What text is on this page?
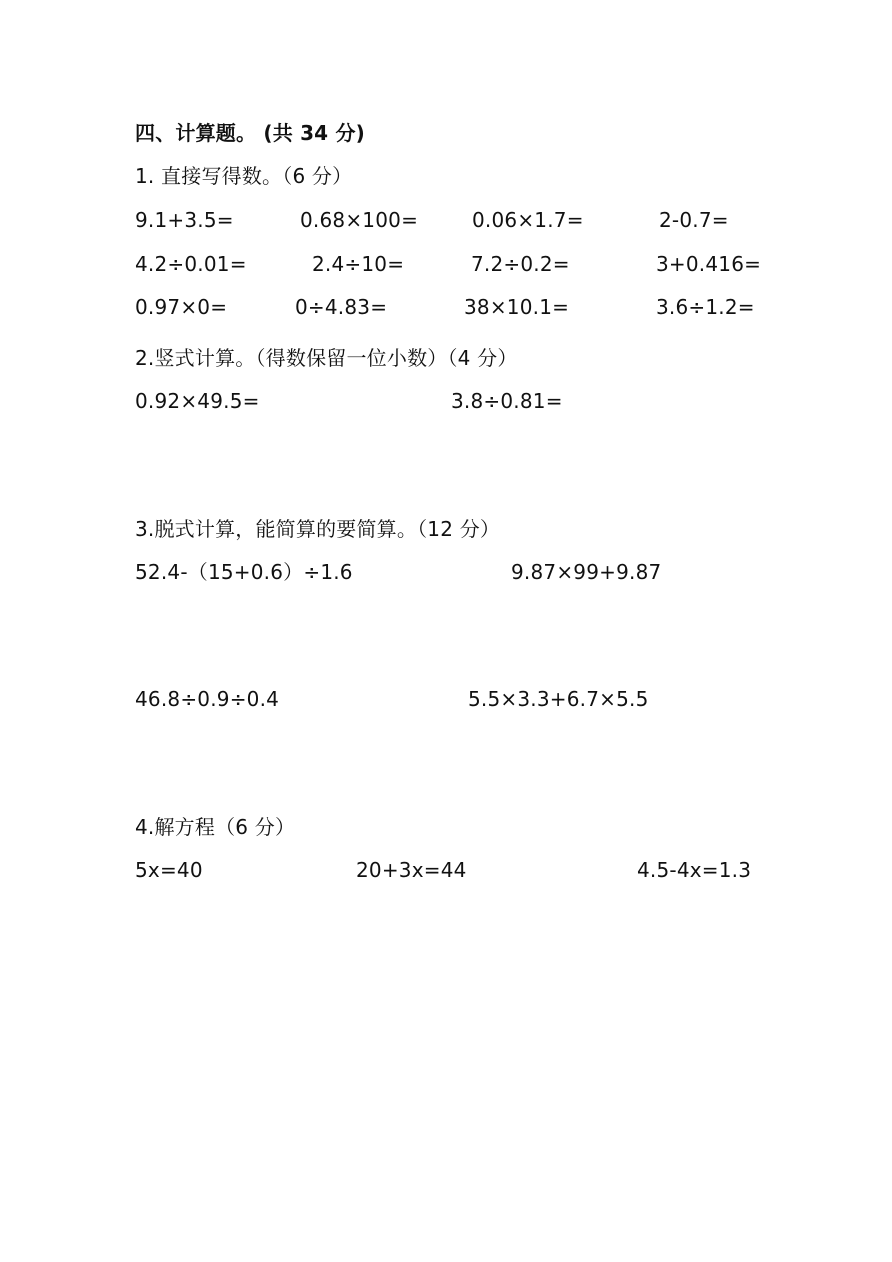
四、计算题。 (共 34 分)
1. 直接写得数。（6 分）
9.1+3.5=	0.68×100=	0.06×1.7=	2-0.7=
4.2÷0.01=	2.4÷10=	7.2÷0.2=	3+0.416=
0.97×0=	0÷4.83=	38×10.1=	3.6÷1.2=
2.竖式计算。（得数保留一位小数）（4 分）
0.92×49.5=	3.8÷0.81=
3.脱式计算，能简算的要简算。（12 分）
52.4-（15+0.6）÷1.6	9.87×99+9.87
46.8÷0.9÷0.4	5.5×3.3+6.7×5.5
4.解方程（6 分）
5x=40	20+3x=44	4.5-4x=1.3
